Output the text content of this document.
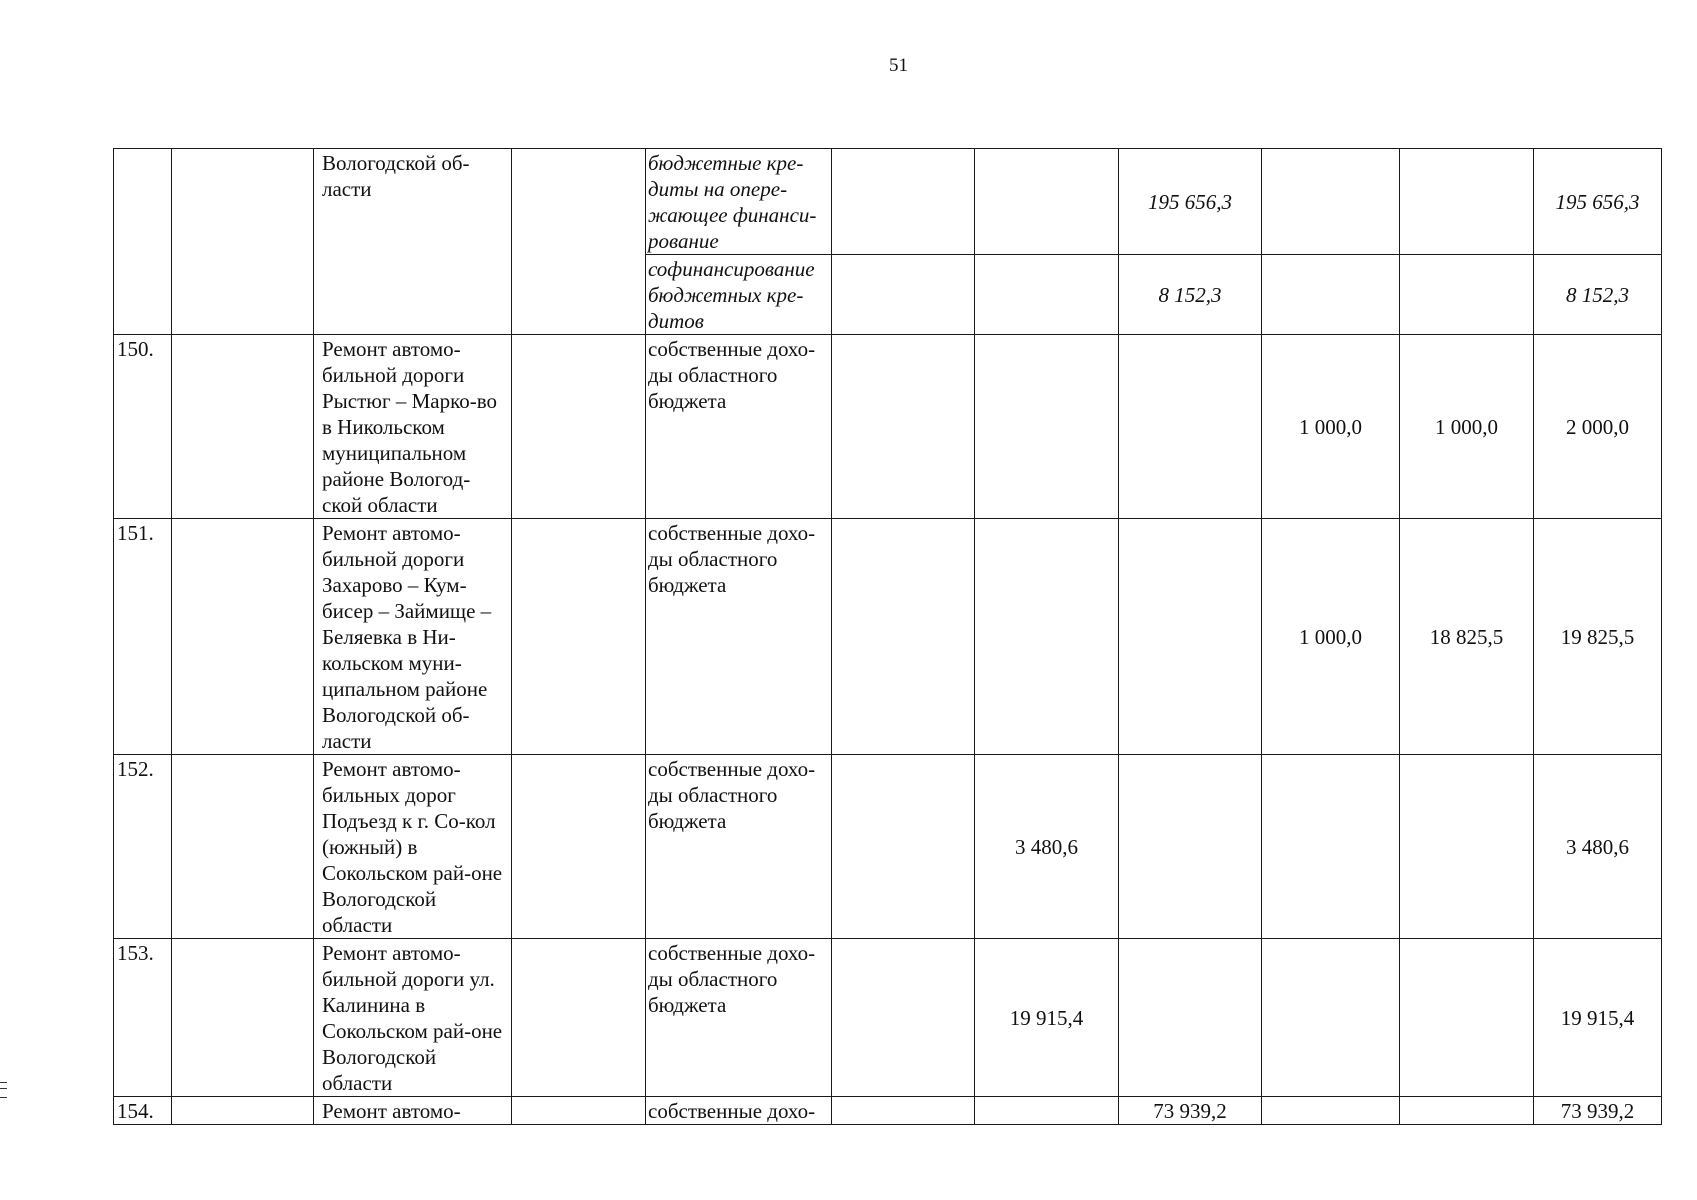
51
		Вологодской об-ласти		бюджетные кре-диты на опере-жающее финанси-рование			195 656,3			195 656,3
				софинансирование бюджетных кре-дитов			8 152,3			8 152,3
150.		Ремонт автомо-бильной дороги Рыстюг – Марко-во в Никольском муниципальном районе Вологод-ской области		собственные дохо-ды областного бюджета				1 000,0	1 000,0	2 000,0
151.		Ремонт автомо-бильной дороги Захарово – Кум-бисер – Займище – Беляевка в Ни-кольском муни-ципальном районе Вологодской об-ласти		собственные дохо-ды областного бюджета				1 000,0	18 825,5	19 825,5
152.		Ремонт автомо-бильных дорог Подъезд к г. Со-кол (южный) в Сокольском рай-оне Вологодской области		собственные дохо-ды областного бюджета		3 480,6				3 480,6
153.		Ремонт автомо-бильной дороги ул. Калинина в Сокольском рай-оне Вологодской области		собственные дохо-ды областного бюджета		19 915,4				19 915,4
154.		Ремонт автомо-		собственные дохо-			73 939,2			73 939,2
